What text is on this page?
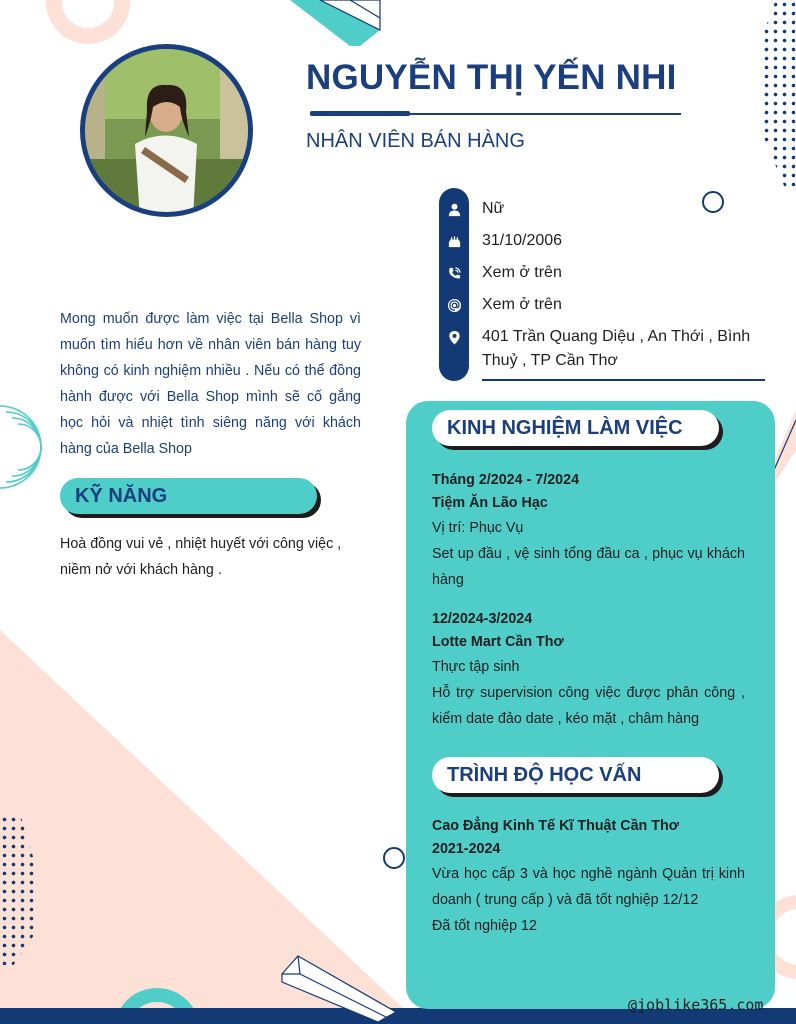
NGUYỄN THỊ YẾN NHI
NHÂN VIÊN BÁN HÀNG
Nữ
31/10/2006
Xem ở trên
Xem ở trên
401 Trần Quang Diệu , An Thới , Bình
Thuỷ , TP Cần Thơ
Mong muốn được làm việc tại Bella Shop vì muốn tìm hiểu hơn về nhân viên bán hàng tuy không có kinh nghiệm nhiều . Nếu có thể đồng hành được với Bella Shop mình sẽ cố gắng học hỏi và nhiệt tình siêng năng với khách hàng của Bella Shop
KỸ NĂNG
Hoà đồng vui vẻ , nhiệt huyết với công việc , niềm nở với khách hàng .
KINH NGHIỆM LÀM VIỆC
Tháng 2/2024 - 7/2024
Tiệm Ăn Lão Hạc
Vị trí: Phục Vụ
Set up đầu , vệ sinh tổng đầu ca , phục vụ khách hàng
12/2024-3/2024
Lotte Mart Cần Thơ
Thực tập sinh
Hỗ trợ supervision công việc được phân công , kiểm date đảo date , kéo mặt , châm hàng
TRÌNH ĐỘ HỌC VẤN
Cao Đẳng Kinh Tế Kĩ Thuật Cần Thơ
2021-2024
Vừa học cấp 3 và học nghề ngành Quản trị kinh doanh ( trung cấp ) và đã tốt nghiệp 12/12
Đã tốt nghiệp 12
@joblike365.com
